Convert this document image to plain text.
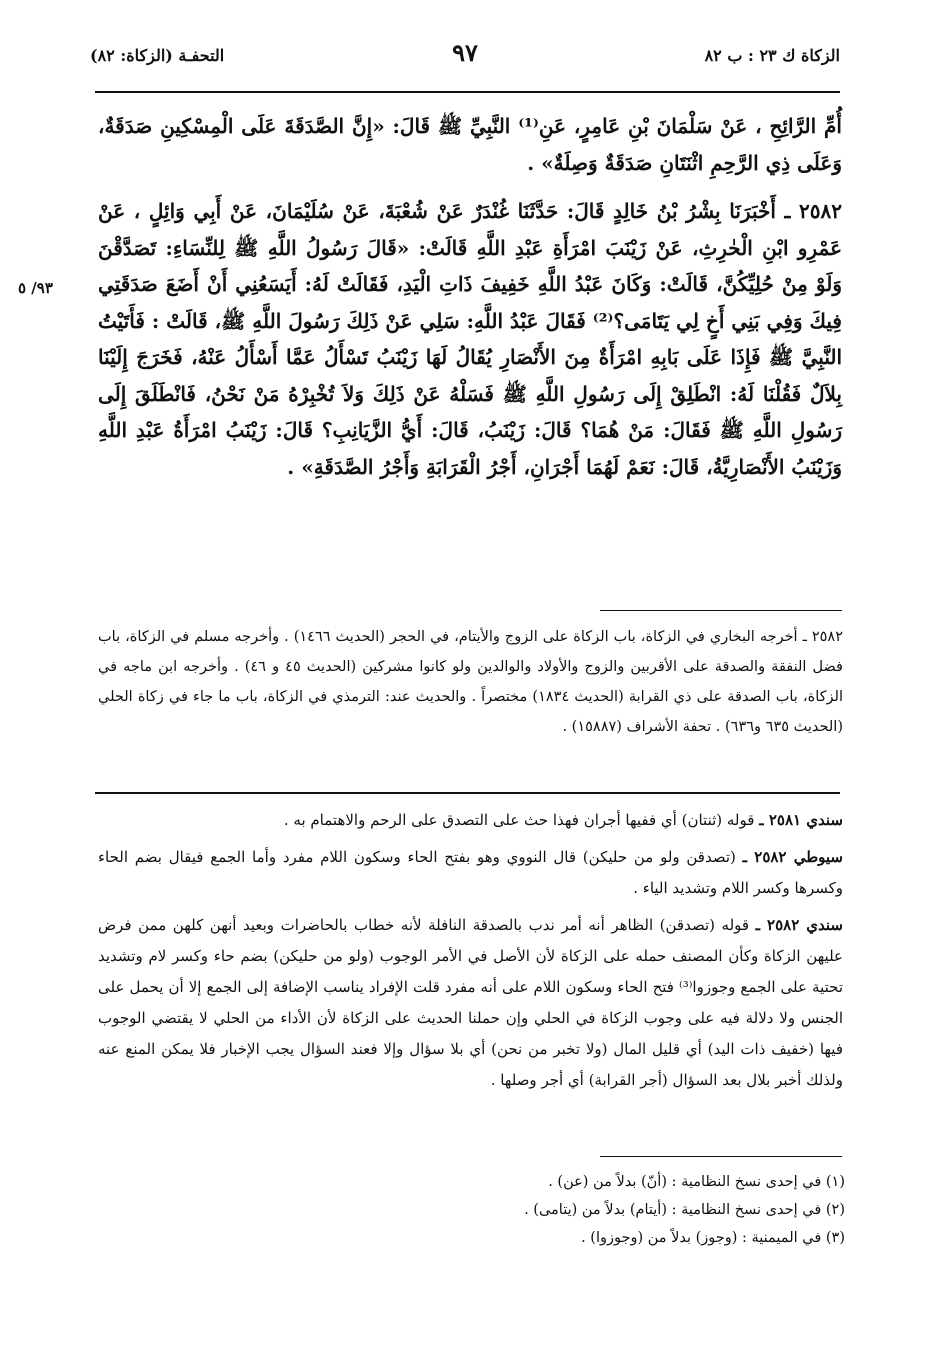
الزكاة ك ٢٣ : ب ٨٢
٩٧
التحفـة (الزكاة: ٨٢)
٩٣/ ٥

أُمِّ الرَّائِحِ ، عَنْ سَلْمَانَ بْنِ عَامِرٍ، عَنِ⁽¹⁾ النَّبِيِّ ﷺ قَالَ: «إِنَّ الصَّدَقَةَ عَلَى الْمِسْكِينِ صَدَقَةٌ، وَعَلَى ذِي الرَّحِمِ اثْنَتَانِ صَدَقَةٌ وَصِلَةٌ» .

٢٥٨٢ ـ أَخْبَرَنَا بِشْرُ بْنُ خَالِدٍ قَالَ: حَدَّثَنَا غُنْدَرٌ عَنْ شُعْبَةَ، عَنْ سُلَيْمَانَ، عَنْ أَبِي وَائِلٍ ، عَنْ عَمْرِو ابْنِ الْحٰرِثِ، عَنْ زَيْنَبَ امْرَأَةِ عَبْدِ اللَّهِ قَالَتْ: «قَالَ رَسُولُ اللَّهِ ﷺ لِلنِّسَاءِ: تَصَدَّقْنَ وَلَوْ مِنْ حُلِيِّكُنَّ، قَالَتْ: وَكَانَ عَبْدُ اللَّهِ خَفِيفَ ذَاتِ الْيَدِ، فَقَالَتْ لَهُ: أَيَسَعُنِي أَنْ أَضَعَ صَدَقَتِي فِيكَ وَفِي بَنِي أَخٍ لِي يَتَامَى؟⁽²⁾ فَقَالَ عَبْدُ اللَّهِ: سَلِي عَنْ ذَلِكَ رَسُولَ اللَّهِ ﷺ، قَالَتْ : فَأَتَيْتُ النَّبِيَّ ﷺ فَإِذَا عَلَى بَابِهِ امْرَأَةٌ مِنَ الأَنْصَارِ يُقَالُ لَهَا زَيْنَبُ تَسْأَلُ عَمَّا أَسْأَلُ عَنْهُ، فَخَرَجَ إِلَيْنَا بِلاَلٌ فَقُلْنَا لَهُ: انْطَلِقْ إِلَى رَسُولِ اللَّهِ ﷺ فَسَلْهُ عَنْ ذَلِكَ وَلاَ تُخْبِرْهُ مَنْ نَحْنُ، فَانْطَلَقَ إِلَى رَسُولِ اللَّهِ ﷺ فَقَالَ: مَنْ هُمَا؟ قَالَ: زَيْنَبُ، قَالَ: أَيُّ الزَّيَانِبِ؟ قَالَ: زَيْنَبُ امْرَأَةُ عَبْدِ اللَّهِ وَزَيْنَبُ الأَنْصَارِيَّةُ، قَالَ: نَعَمْ لَهُمَا أَجْرَانِ، أَجْرُ الْقَرَابَةِ وَأَجْرُ الصَّدَقَةِ» .

٢٥٨٢ ـ أخرجه البخاري في الزكاة، باب الزكاة على الزوج والأيتام، في الحجر (الحديث ١٤٦٦) . وأخرجه مسلم في الزكاة، باب فضل النفقة والصدقة على الأقربين والزوج والأولاد والوالدين ولو كانوا مشركين (الحديث ٤٥ و ٤٦) . وأخرجه ابن ماجه في الزكاة، باب الصدقة على ذي القرابة (الحديث ١٨٣٤) مختصراً . والحديث عند: الترمذي في الزكاة، باب ما جاء في زكاة الحلي (الحديث ٦٣٥ و٦٣٦) . تحفة الأشراف (١٥٨٨٧) .

سندي ٢٥٨١ ـ قوله (ثنتان) أي ففيها أجران فهذا حث على التصدق على الرحم والاهتمام به .

سيوطي ٢٥٨٢ ـ (تصدقن ولو من حليكن) قال النووي وهو بفتح الحاء وسكون اللام مفرد وأما الجمع فيقال بضم الحاء وكسرها وكسر اللام وتشديد الياء .

سندي ٢٥٨٢ ـ قوله (تصدقن) الظاهر أنه أمر ندب بالصدقة النافلة لأنه خطاب بالحاضرات وبعيد أنهن كلهن ممن فرض عليهن الزكاة وكأن المصنف حمله على الزكاة لأن الأصل في الأمر الوجوب (ولو من حليكن) بضم حاء وكسر لام وتشديد تحتية على الجمع وجوزوا⁽³⁾ فتح الحاء وسكون اللام على أنه مفرد قلت الإفراد يناسب الإضافة إلى الجمع إلا أن يحمل على الجنس ولا دلالة فيه على وجوب الزكاة في الحلي وإن حملنا الحديث على الزكاة لأن الأداء من الحلي لا يقتضي الوجوب فيها (خفيف ذات اليد) أي قليل المال (ولا تخبر من نحن) أي بلا سؤال وإلا فعند السؤال يجب الإخبار فلا يمكن المنع عنه ولذلك أخبر بلال بعد السؤال (أجر القرابة) أي أجر وصلها .

(١) في إحدى نسخ النظامية : (أنّ) بدلاً من (عن) .

(٢) في إحدى نسخ النظامية : (أيتام) بدلاً من (يتامى) .

(٣) في الميمنية : (وجوز) بدلاً من (وجوزوا) .
